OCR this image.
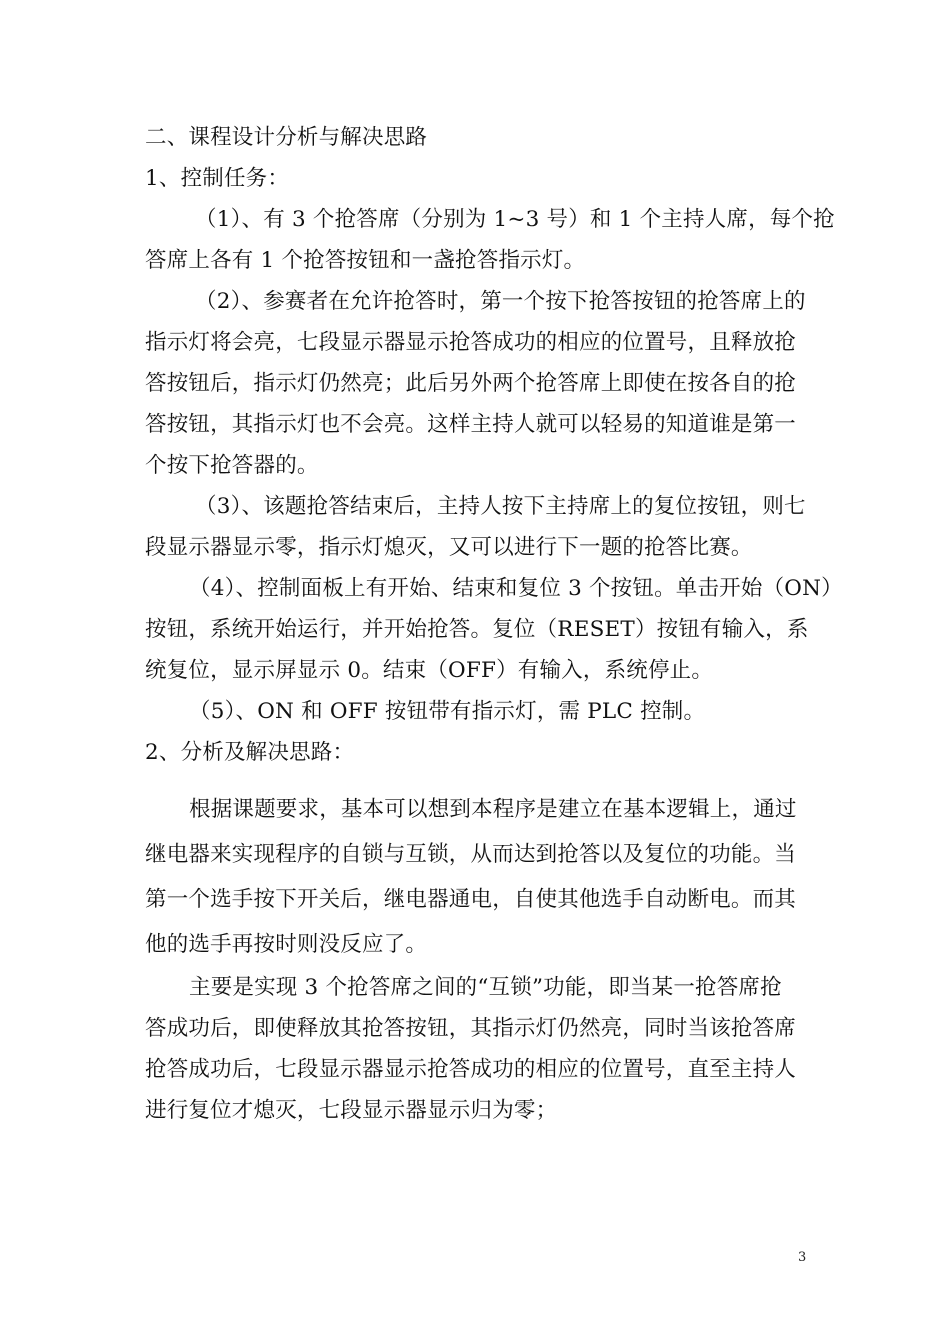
二、课程设计分析与解决思路

1、控制任务：

（1）、有 3 个抢答席（分别为 1~3 号）和 1 个主持人席，每个抢

答席上各有 1 个抢答按钮和一盏抢答指示灯。

（2）、参赛者在允许抢答时，第一个按下抢答按钮的抢答席上的

指示灯将会亮，七段显示器显示抢答成功的相应的位置号，且释放抢

答按钮后，指示灯仍然亮；此后另外两个抢答席上即使在按各自的抢

答按钮，其指示灯也不会亮。这样主持人就可以轻易的知道谁是第一

个按下抢答器的。

（3）、该题抢答结束后，主持人按下主持席上的复位按钮，则七

段显示器显示零，指示灯熄灭，又可以进行下一题的抢答比赛。

（4）、控制面板上有开始、结束和复位 3 个按钮。单击开始（ON）

按钮，系统开始运行，并开始抢答。复位（RESET）按钮有输入，系

统复位，显示屏显示 0。结束（OFF）有输入，系统停止。

（5）、ON 和 OFF 按钮带有指示灯，需 PLC 控制。

2、分析及解决思路：

根据课题要求，基本可以想到本程序是建立在基本逻辑上，通过

继电器来实现程序的自锁与互锁，从而达到抢答以及复位的功能。当

第一个选手按下开关后，继电器通电，自使其他选手自动断电。而其

他的选手再按时则没反应了。

主要是实现 3 个抢答席之间的“互锁”功能，即当某一抢答席抢

答成功后，即使释放其抢答按钮，其指示灯仍然亮，同时当该抢答席

抢答成功后，七段显示器显示抢答成功的相应的位置号，直至主持人

进行复位才熄灭，七段显示器显示归为零；

3
